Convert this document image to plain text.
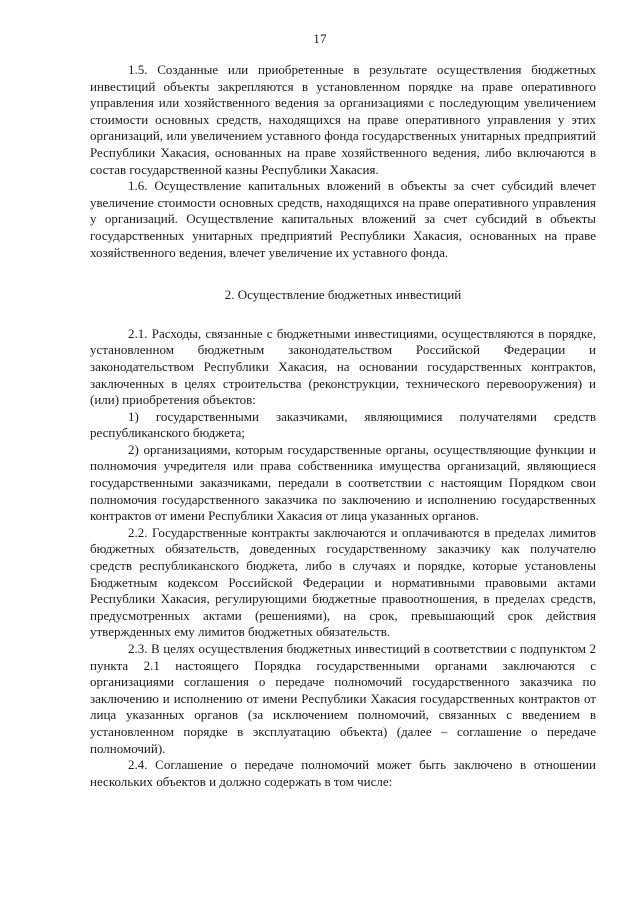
17

1.5. Созданные или приобретенные в результате осуществления бюджетных инвестиций объекты закрепляются в установленном порядке на праве оперативного управления или хозяйственного ведения за организациями с последующим увеличением стоимости основных средств, находящихся на праве оперативного управления у этих организаций, или увеличением уставного фонда государственных унитарных предприятий Республики Хакасия, основанных на праве хозяйственного ведения, либо включаются в состав государственной казны Республики Хакасия.

1.6. Осуществление капитальных вложений в объекты за счет субсидий влечет увеличение стоимости основных средств, находящихся на праве оперативного управления у организаций. Осуществление капитальных вложений за счет субсидий в объекты государственных унитарных предприятий Республики Хакасия, основанных на праве хозяйственного ведения, влечет увеличение их уставного фонда.

2. Осуществление бюджетных инвестиций

2.1. Расходы, связанные с бюджетными инвестициями, осуществляются в порядке, установленном бюджетным законодательством Российской Федерации и законодательством Республики Хакасия, на основании государственных контрактов, заключенных в целях строительства (реконструкции, технического перевооружения) и (или) приобретения объектов:

1) государственными заказчиками, являющимися получателями средств республиканского бюджета;

2) организациями, которым государственные органы, осуществляющие функции и полномочия учредителя или права собственника имущества организаций, являющиеся государственными заказчиками, передали в соответствии с настоящим Порядком свои полномочия государственного заказчика по заключению и исполнению государственных контрактов от имени Республики Хакасия от лица указанных органов.

2.2. Государственные контракты заключаются и оплачиваются в пределах лимитов бюджетных обязательств, доведенных государственному заказчику как получателю средств республиканского бюджета, либо в случаях и порядке, которые установлены Бюджетным кодексом Российской Федерации и нормативными правовыми актами Республики Хакасия, регулирующими бюджетные правоотношения, в пределах средств, предусмотренных актами (решениями), на срок, превышающий срок действия утвержденных ему лимитов бюджетных обязательств.

2.3. В целях осуществления бюджетных инвестиций в соответствии с подпунктом 2 пункта 2.1 настоящего Порядка государственными органами заключаются с организациями соглашения о передаче полномочий государственного заказчика по заключению и исполнению от имени Республики Хакасия государственных контрактов от лица указанных органов (за исключением полномочий, связанных с введением в установленном порядке в эксплуатацию объекта) (далее – соглашение о передаче полномочий).

2.4. Соглашение о передаче полномочий может быть заключено в отношении нескольких объектов и должно содержать в том числе:
